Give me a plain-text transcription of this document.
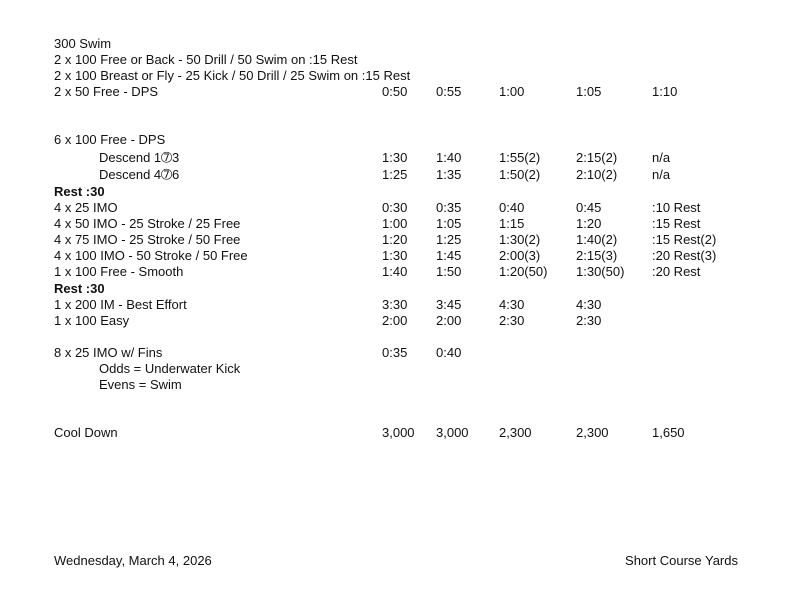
300 Swim
2 x 100 Free or Back - 50 Drill / 50 Swim on :15 Rest
2 x 100 Breast or Fly - 25 Kick / 50 Drill / 25 Swim on :15 Rest
2 x 50 Free - DPS	0:50 0:55	1:00	1:05	1:10
6 x 100 Free - DPS
Descend 1➆3	1:30 1:40	1:55(2)	2:15(2)	n/a
Descend 4➆6	1:25 1:35	1:50(2)	2:10(2)	n/a
Rest :30
4 x 25 IMO	0:30 0:35	0:40	0:45	:10 Rest
4 x 50 IMO - 25 Stroke / 25 Free	1:00 1:05	1:15	1:20	:15 Rest
4 x 75 IMO - 25 Stroke / 50 Free	1:20 1:25	1:30(2)	1:40(2)	:15 Rest(2)
4 x 100 IMO - 50 Stroke / 50 Free	1:30 1:45	2:00(3)	2:15(3)	:20 Rest(3)
1 x 100 Free - Smooth	1:40 1:50	1:20(50) 1:30(50) :20 Rest
Rest :30
1 x 200 IM - Best Effort	3:30 3:45	4:30	4:30
1 x 100 Easy	2:00 2:00	2:30	2:30
8 x 25 IMO w/ Fins	0:35 0:40
Odds = Underwater Kick
Evens = Swim
Cool Down	3,000 3,000 2,300	2,300	1,650
Wednesday, March 4, 2026	Short Course Yards
